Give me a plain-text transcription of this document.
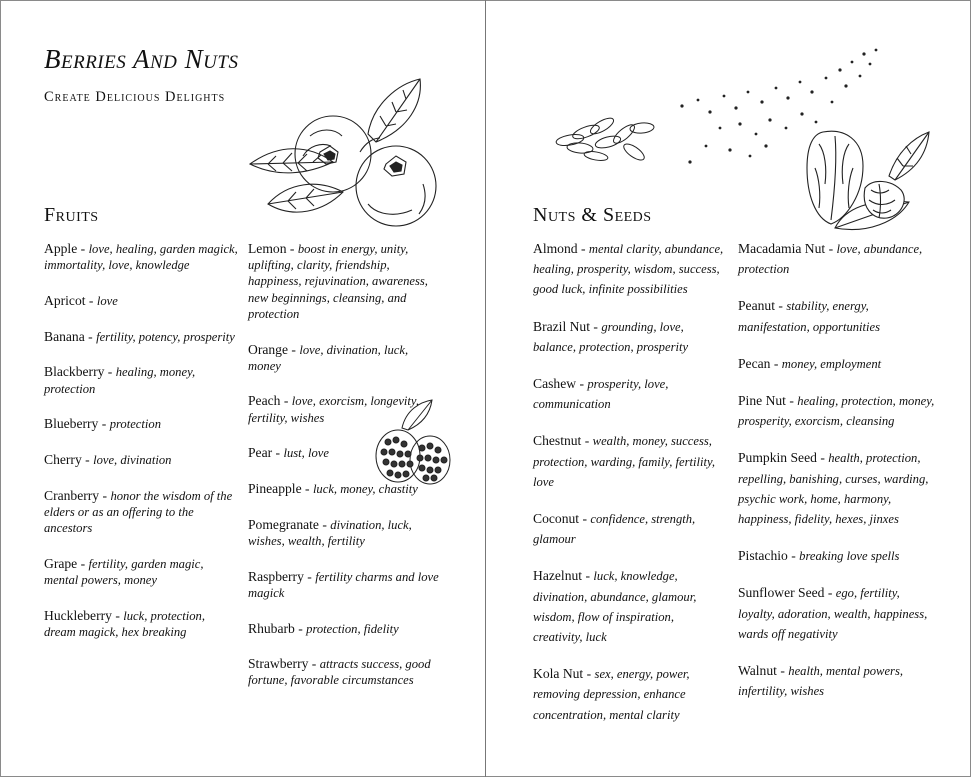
Berries And Nuts
Create Delicious Delights
Fruits
Apple - love, healing, garden magick, immortality, love, knowledge
Apricot - love
Banana - fertility, potency, prosperity
Blackberry - healing, money, protection
Blueberry - protection
Cherry - love, divination
Cranberry - honor the wisdom of the elders or as an offering to the ancestors
Grape - fertility, garden magic, mental powers, money
Huckleberry - luck, protection, dream magick, hex breaking
Lemon - boost in energy, unity, uplifting, clarity, friendship, happiness, rejuvination, awareness, new beginnings, cleansing, and protection
Orange - love, divination, luck, money
Peach - love, exorcism, longevity, fertility, wishes
Pear - lust, love
Pineapple - luck, money, chastity
Pomegranate - divination, luck, wishes, wealth, fertility
Raspberry - fertility charms and love magick
Rhubarb - protection, fidelity
Strawberry - attracts success, good fortune, favorable circumstances
Nuts & Seeds
Almond - mental clarity, abundance, healing, prosperity, wisdom, success, good luck, infinite possibilities
Brazil Nut - grounding, love, balance, protection, prosperity
Cashew - prosperity, love, communication
Chestnut - wealth, money, success, protection, warding, family, fertility, love
Coconut - confidence, strength, glamour
Hazelnut - luck, knowledge, divination, abundance, glamour, wisdom, flow of inspiration, creativity, luck
Kola Nut - sex, energy, power, removing depression, enhance concentration, mental clarity
Macadamia Nut - love, abundance, protection
Peanut - stability, energy, manifestation, opportunities
Pecan - money, employment
Pine Nut - healing, protection, money, prosperity, exorcism, cleansing
Pumpkin Seed - health, protection, repelling, banishing, curses, warding, psychic work, home, harmony, happiness, fidelity, hexes, jinxes
Pistachio - breaking love spells
Sunflower Seed - ego, fertility, loyalty, adoration, wealth, happiness, wards off negativity
Walnut - health, mental powers, infertility, wishes
